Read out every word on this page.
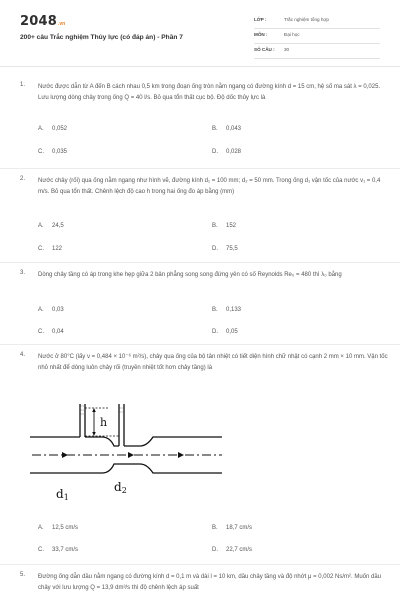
2048 .vn
200+ câu Trắc nghiệm Thủy lực (có đáp án) - Phần 7
LỚP :	Trắc nghiệm tổng hợp
MÔN :	Đại học
SỐ CÂU : 30
1. Nước được dẫn từ A đến B cách nhau 0,5 km trong đoạn ống tròn nằm ngang có đường kính d = 15 cm, hệ số ma sát λ = 0,025. Lưu lượng dòng chảy trong ống Q = 40 l/s. Bỏ qua tổn thất cục bộ. Độ dốc thủy lực là

A. 0,052	B. 0,043
C. 0,035	D. 0,028
2. Nước chảy (rối) qua ống nằm ngang như hình vẽ, đường kính d₁ = 100 mm; d₂ = 50 mm. Trong ống d₁ vận tốc của nước v₁ = 0,4 m/s. Bỏ qua tổn thất. Chênh lệch độ cao h trong hai ống đo áp bằng (mm)

A. 24,5	B. 152
C. 122	D. 75,5
3. Dòng chảy tầng có áp trong khe hẹp giữa 2 bản phẳng song song đứng yên có số Reynolds Re₀ = 480 thì λ₀ bằng

A. 0,03	B. 0,133
C. 0,04	D. 0,05
4. Nước ở 80°C (lấy ν = 0,484 × 10⁻⁶ m²/s), chảy qua ống của bộ tản nhiệt có tiết diện hình chữ nhật có cạnh 2 mm × 10 mm. Vận tốc nhỏ nhất để dòng luôn chảy rối (truyền nhiệt tốt hơn chảy tầng) là

h
d1
d2
A. 12,5 cm/s	B. 18,7 cm/s
C. 33,7 cm/s	D. 22,7 cm/s
5. Đường ống dẫn dầu nằm ngang có đường kính d = 0,1 m và dài l = 10 km, dầu chảy tầng và độ nhớt μ = 0,002 Ns/m². Muốn dầu chảy với lưu lượng Q = 13,9 dm³/s thì độ chênh lệch áp suất
